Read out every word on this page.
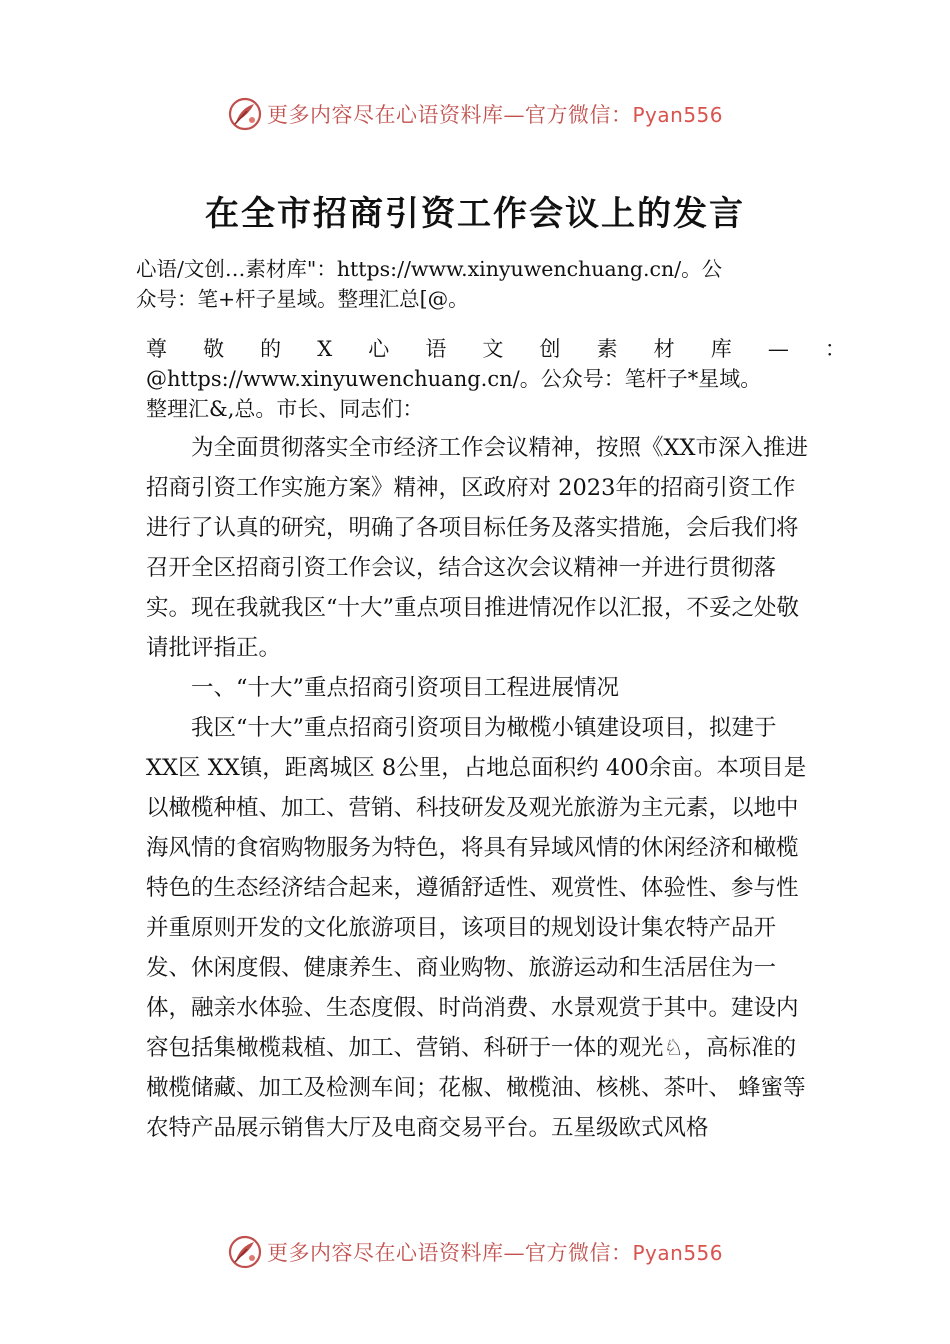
更多内容尽在心语资料库—官方微信：Pyan556
在全市招商引资工作会议上的发言
心语/文创…素材库"：https://www.xinyuwenchuang.cn/。公
众号：笔+杆子星域。整理汇总[@。
尊 敬 的 X 心 语 文 创 素 材 库 — ：
@https://www.xinyuwenchuang.cn/。公众号：笔杆子*星域。
整理汇&,总。市长、同志们：

为全面贯彻落实全市经济工作会议精神，按照《XX市深入推进招商引资工作实施方案》精神，区政府对 2023年的招商引资工作进行了认真的研究，明确了各项目标任务及落实措施，会后我们将召开全区招商引资工作会议，结合这次会议精神一并进行贯彻落实。现在我就我区“十大”重点项目推进情况作以汇报，不妥之处敬请批评指正。

一、“十大”重点招商引资项目工程进展情况

我区“十大”重点招商引资项目为橄榄小镇建设项目，拟建于 XX区 XX镇，距离城区 8公里，占地总面积约 400余亩。本项目是以橄榄种植、加工、营销、科技研发及观光旅游为主元素，以地中海风情的食宿购物服务为特色，将具有异域风情的休闲经济和橄榄特色的生态经济结合起来，遵循舒适性、观赏性、体验性、参与性并重原则开发的文化旅游项目，该项目的规划设计集农特产品开发、休闲度假、健康养生、商业购物、旅游运动和生活居住为一体，融亲水体验、生态度假、时尚消费、水景观赏于其中。建设内容包括集橄榄栽植、加工、营销、科研于一体的观光♘，高标准的橄榄储藏、加工及检测车间；花椒、橄榄油、核桃、茶叶、 蜂蜜等农特产品展示销售大厅及电商交易平台。五星级欧式风格

更多内容尽在心语资料库—官方微信：Pyan556
